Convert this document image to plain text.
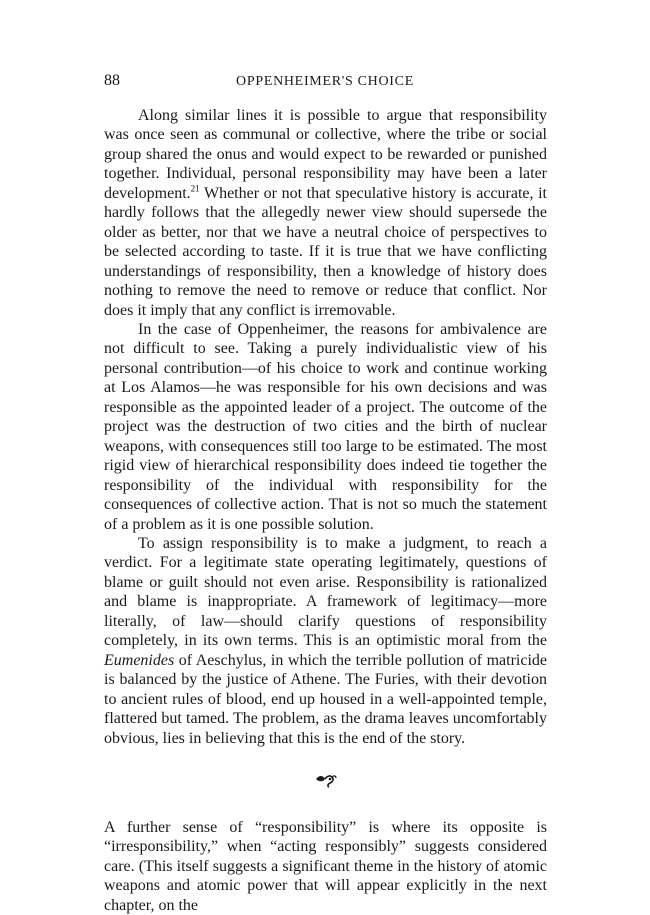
88	OPPENHEIMER'S CHOICE

Along similar lines it is possible to argue that responsibility was once seen as communal or collective, where the tribe or social group shared the onus and would expect to be rewarded or punished together. Individual, personal responsibility may have been a later development.$^{21}$ Whether or not that speculative history is accurate, it hardly follows that the allegedly newer view should supersede the older as better, nor that we have a neutral choice of perspectives to be selected according to taste. If it is true that we have conflicting understandings of responsibility, then a knowledge of history does nothing to remove the need to remove or reduce that conflict. Nor does it imply that any conflict is irremovable.

In the case of Oppenheimer, the reasons for ambivalence are not difficult to see. Taking a purely individualistic view of his personal contribution—of his choice to work and continue working at Los Alamos—he was responsible for his own decisions and was responsible as the appointed leader of a project. The outcome of the project was the destruction of two cities and the birth of nuclear weapons, with consequences still too large to be estimated. The most rigid view of hierarchical responsibility does indeed tie together the responsibility of the individual with responsibility for the consequences of collective action. That is not so much the statement of a problem as it is one possible solution.

To assign responsibility is to make a judgment, to reach a verdict. For a legitimate state operating legitimately, questions of blame or guilt should not even arise. Responsibility is rationalized and blame is inappropriate. A framework of legitimacy—more literally, of law—should clarify questions of responsibility completely, in its own terms. This is an optimistic moral from the Eumenides of Aeschylus, in which the terrible pollution of matricide is balanced by the justice of Athene. The Furies, with their devotion to ancient rules of blood, end up housed in a well-appointed temple, flattered but tamed. The problem, as the drama leaves uncomfortably obvious, lies in believing that this is the end of the story.

A further sense of “responsibility” is where its opposite is “irresponsibility,” when “acting responsibly” suggests considered care. (This itself suggests a significant theme in the history of atomic weapons and atomic power that will appear explicitly in the next chapter, on the
